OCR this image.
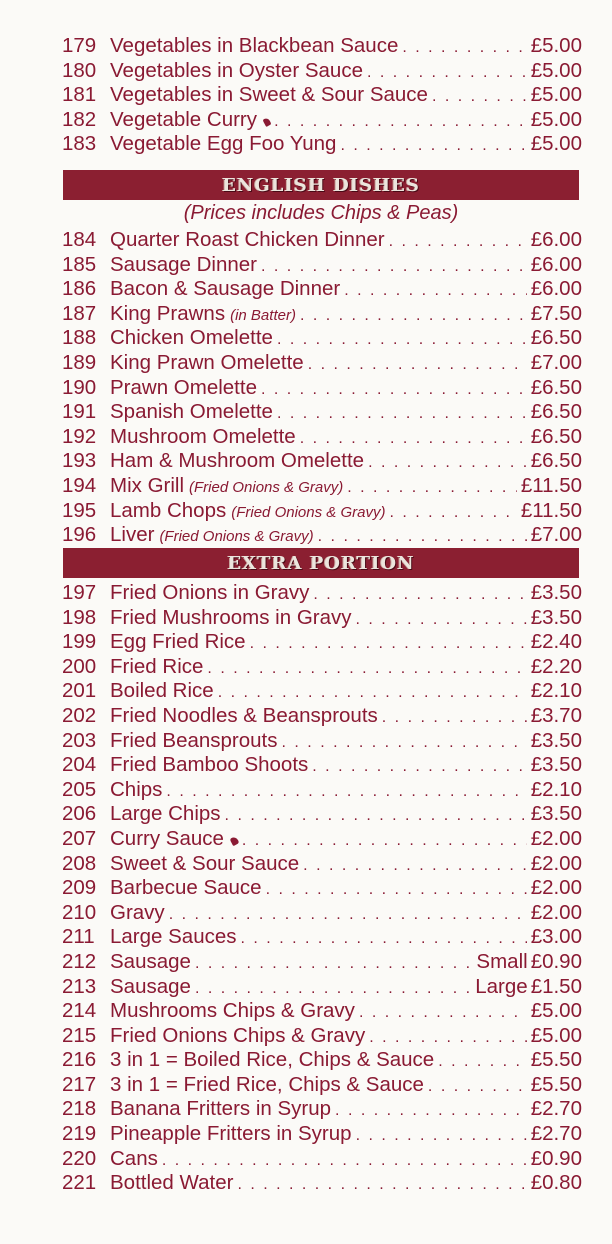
179 Vegetables in Blackbean Sauce . . .	£5.00
180 Vegetables in Oyster Sauce . . .	£5.00
181 Vegetables in Sweet & Sour Sauce . . .	£5.00
182 Vegetable Curry . . .	£5.00
183 Vegetable Egg Foo Yung . . .	£5.00
ENGLISH DISHES
(Prices includes Chips & Peas)
184 Quarter Roast Chicken Dinner . . .	£6.00
185 Sausage Dinner . . .	£6.00
186 Bacon & Sausage Dinner . . .	£6.00
187 King Prawns (in Batter) . . .	£7.50
188 Chicken Omelette . . .	£6.50
189 King Prawn Omelette . . .	£7.00
190 Prawn Omelette . . .	£6.50
191 Spanish Omelette . . .	£6.50
192 Mushroom Omelette . . .	£6.50
193 Ham & Mushroom Omelette . . .	£6.50
194 Mix Grill (Fried Onions & Gravy) . . .	£11.50
195 Lamb Chops (Fried Onions & Gravy) . . .	£11.50
196 Liver (Fried Onions & Gravy) . . .	£7.00
EXTRA PORTION
197 Fried Onions in Gravy . . .	£3.50
198 Fried Mushrooms in Gravy . . .	£3.50
199 Egg Fried Rice . . .	£2.40
200 Fried Rice . . .	£2.20
201 Boiled Rice . . .	£2.10
202 Fried Noodles & Beansprouts . . .	£3.70
203 Fried Beansprouts . . .	£3.50
204 Fried Bamboo Shoots . . .	£3.50
205 Chips . . .	£2.10
206 Large Chips . . .	£3.50
207 Curry Sauce . . .	£2.00
208 Sweet & Sour Sauce . . .	£2.00
209 Barbecue Sauce . . .	£2.00
210 Gravy . . .	£2.00
211 Large Sauces . . .	£3.00
212 Sausage . . .	Small £0.90
213 Sausage . . .	Large £1.50
214 Mushrooms Chips & Gravy . . .	£5.00
215 Fried Onions Chips & Gravy . . .	£5.00
216 3 in 1 = Boiled Rice, Chips & Sauce . . .	£5.50
217 3 in 1 = Fried Rice, Chips & Sauce . . .	£5.50
218 Banana Fritters in Syrup . . .	£2.70
219 Pineapple Fritters in Syrup . . .	£2.70
220 Cans . . .	£0.90
221 Bottled Water . . .	£0.80
